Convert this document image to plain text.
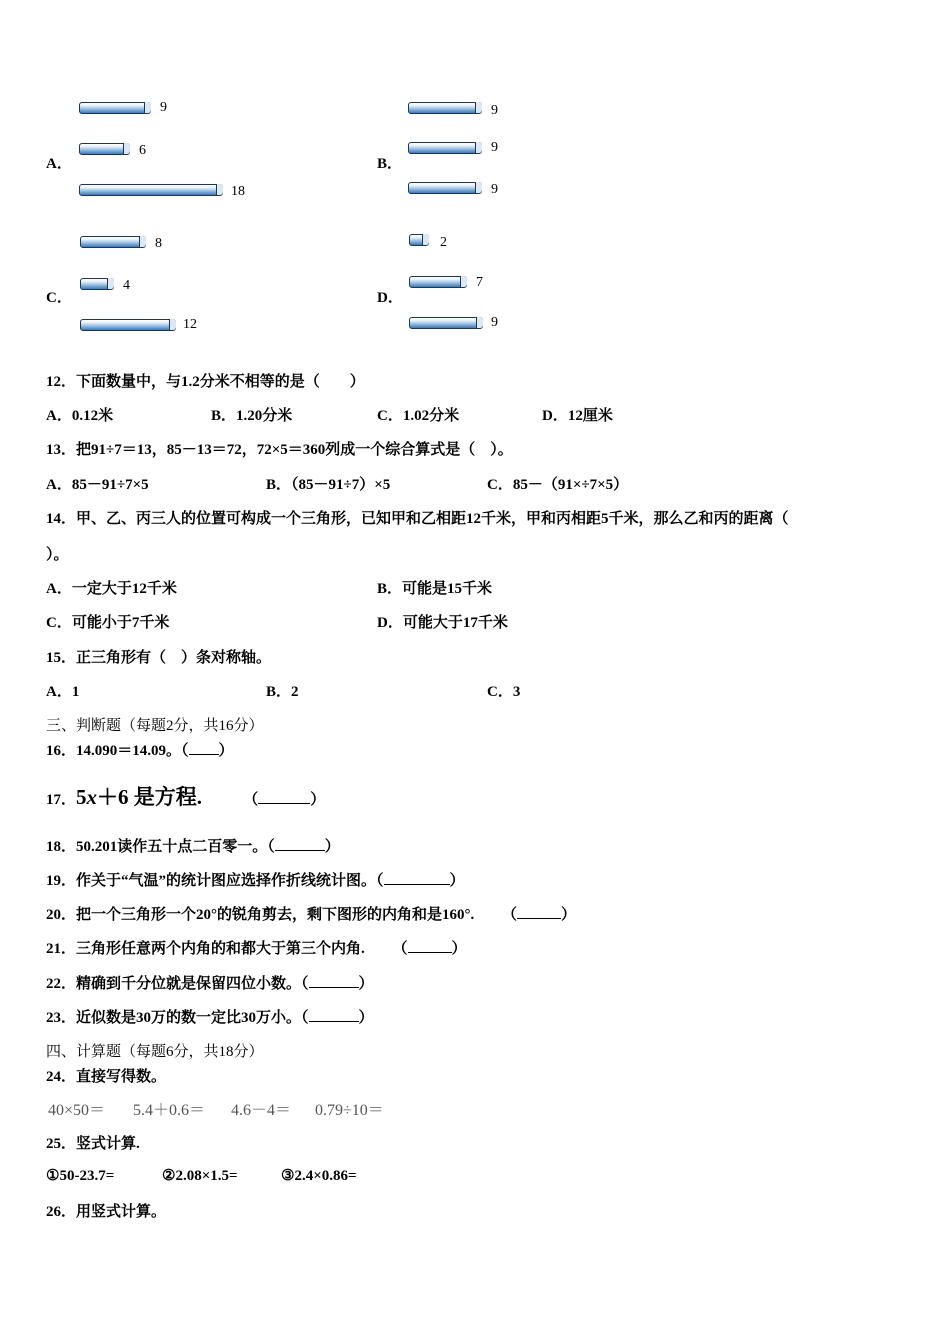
A．
9
6
18
B．
9
9
9
C．
8
4
12
D．
2
7
9
12．下面数量中，与1.2分米不相等的是（　　）
A．0.12米	B．1.20分米	C．1.02分米	D．12厘米
13．把91÷7＝13，85－13＝72，72×5＝360列成一个综合算式是（　）。
A．85－91÷7×5	B．（85－91÷7）×5	C．85－（91×÷7×5）
14．甲、乙、丙三人的位置可构成一个三角形，已知甲和乙相距12千米，甲和丙相距5千米，那么乙和丙的距离（
）。
A．一定大于12千米	B．可能是15千米
C．可能小于7千米	D．可能大于17千米
15．正三角形有（　）条对称轴。
A．1	B．2	C．3
三、判断题（每题2分，共16分）
16．14.090＝14.09。（ ）
17．5x＋6 是方程.	（	）
18．50.201读作五十点二百零一。（	）
19．作关于“气温”的统计图应选择作折线统计图。（	）
20．把一个三角形一个20°的锐角剪去，剩下图形的内角和是160°. （	）
21．三角形任意两个内角的和都大于第三个内角. （	）
22．精确到千分位就是保留四位小数。（	）
23．近似数是30万的数一定比30万小。（	）
四、计算题（每题6分，共18分）
24．直接写得数。
40×50＝ 5.4＋0.6＝ 4.6－4＝ 0.79÷10＝
25．竖式计算.
①50-23.7=	②2.08×1.5=	③2.4×0.86=
26．用竖式计算。
